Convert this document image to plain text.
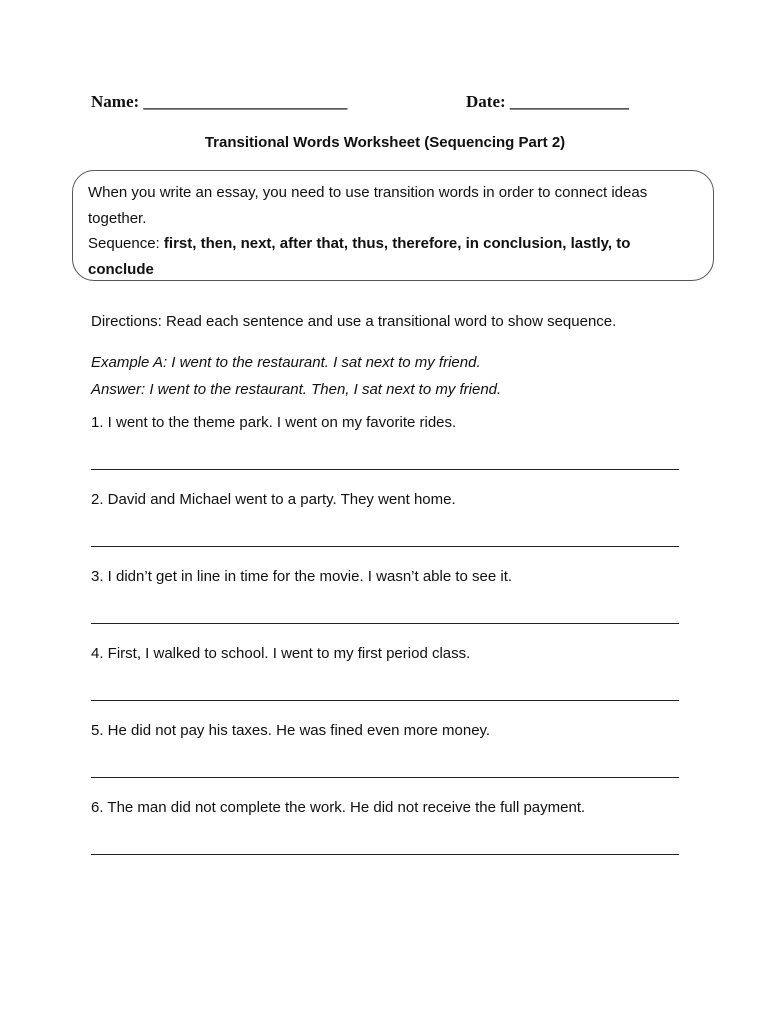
Name: ________________________	Date: ______________
Transitional Words Worksheet (Sequencing Part 2)
When you write an essay, you need to use transition words in order to connect ideas together.
Sequence: first, then, next, after that, thus, therefore, in conclusion, lastly, to conclude
Directions: Read each sentence and use a transitional word to show sequence.
Example A: I went to the restaurant. I sat next to my friend.
Answer: I went to the restaurant. Then, I sat next to my friend.
1. I went to the theme park. I went on my favorite rides.
2. David and Michael went to a party. They went home.
3. I didn’t get in line in time for the movie. I wasn’t able to see it.
4. First, I walked to school. I went to my first period class.
5. He did not pay his taxes. He was fined even more money.
6. The man did not complete the work. He did not receive the full payment.
